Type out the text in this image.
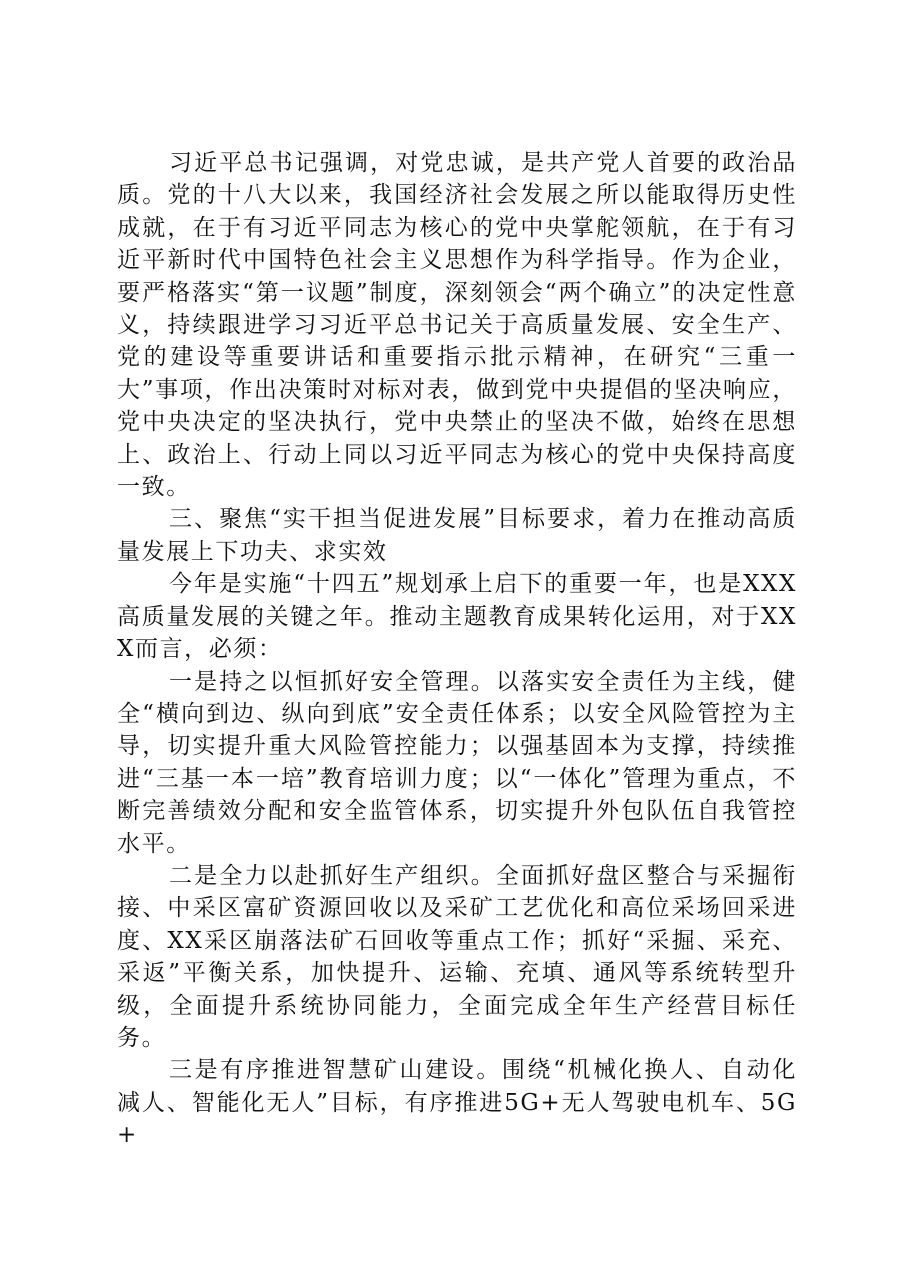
习近平总书记强调，对党忠诚，是共产党人首要的政治品质。党的十八大以来，我国经济社会发展之所以能取得历史性成就，在于有习近平同志为核心的党中央掌舵领航，在于有习近平新时代中国特色社会主义思想作为科学指导。作为企业，要严格落实“第一议题”制度，深刻领会“两个确立”的决定性意义，持续跟进学习习近平总书记关于高质量发展、安全生产、党的建设等重要讲话和重要指示批示精神，在研究“三重一大”事项，作出决策时对标对表，做到党中央提倡的坚决响应，党中央决定的坚决执行，党中央禁止的坚决不做，始终在思想上、政治上、行动上同以习近平同志为核心的党中央保持高度一致。

三、聚焦“实干担当促进发展”目标要求，着力在推动高质量发展上下功夫、求实效

今年是实施“十四五”规划承上启下的重要一年，也是XXX高质量发展的关键之年。推动主题教育成果转化运用，对于XXX而言，必须：

一是持之以恒抓好安全管理。以落实安全责任为主线，健全“横向到边、纵向到底”安全责任体系；以安全风险管控为主导，切实提升重大风险管控能力；以强基固本为支撑，持续推进“三基一本一培”教育培训力度；以“一体化”管理为重点，不断完善绩效分配和安全监管体系，切实提升外包队伍自我管控水平。

二是全力以赴抓好生产组织。全面抓好盘区整合与采掘衔接、中采区富矿资源回收以及采矿工艺优化和高位采场回采进度、XX采区崩落法矿石回收等重点工作；抓好“采掘、采充、采返”平衡关系，加快提升、运输、充填、通风等系统转型升级，全面提升系统协同能力，全面完成全年生产经营目标任务。

三是有序推进智慧矿山建设。围绕“机械化换人、自动化减人、智能化无人”目标，有序推进5G+无人驾驶电机车、5G+
